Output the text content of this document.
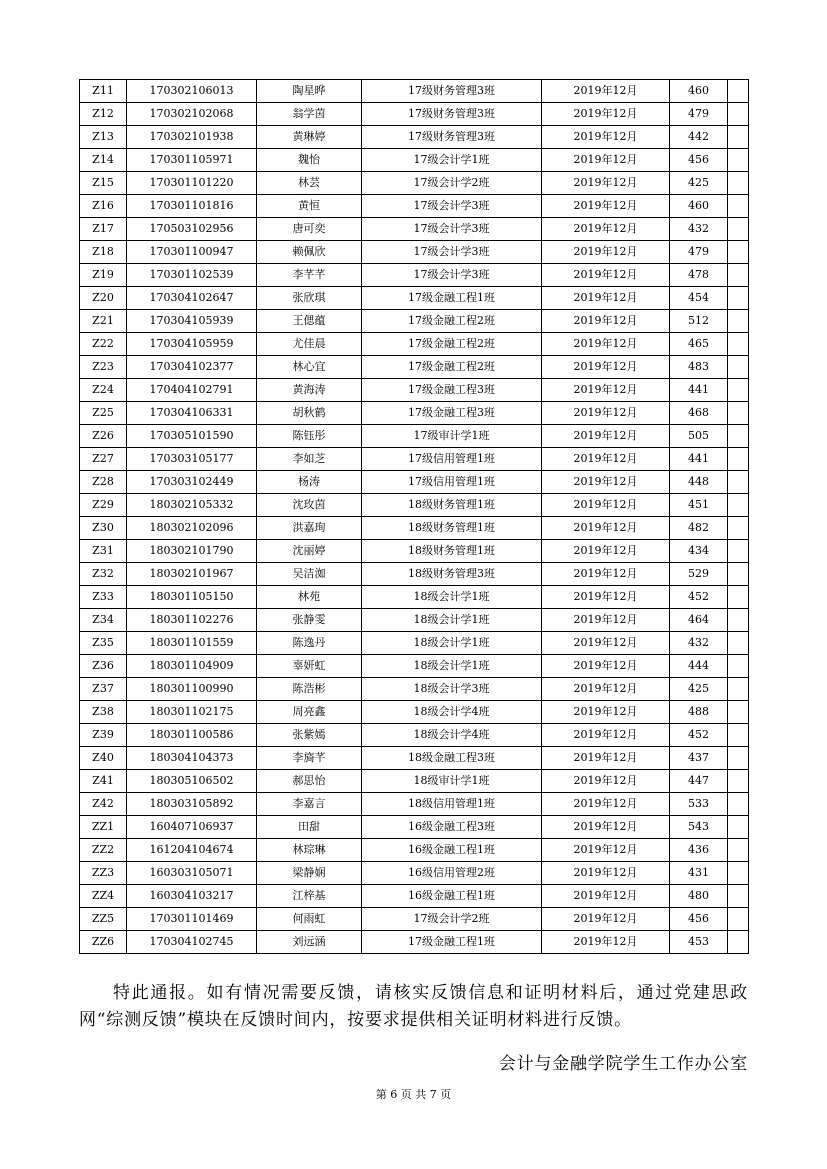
Z11	170302106013	陶星晔	17级财务管理3班	2019年12月	460	
Z12	170302102068	翁学茵	17级财务管理3班	2019年12月	479	
Z13	170302101938	黄琳婷	17级财务管理3班	2019年12月	442	
Z14	170301105971	魏怡	17级会计学1班	2019年12月	456	
Z15	170301101220	林芸	17级会计学2班	2019年12月	425	
Z16	170301101816	黄恒	17级会计学3班	2019年12月	460	
Z17	170503102956	唐可奕	17级会计学3班	2019年12月	432	
Z18	170301100947	赖佩欣	17级会计学3班	2019年12月	479	
Z19	170301102539	李芊芊	17级会计学3班	2019年12月	478	
Z20	170304102647	张欣琪	17级金融工程1班	2019年12月	454	
Z21	170304105939	王偲蕴	17级金融工程2班	2019年12月	512	
Z22	170304105959	尤佳晨	17级金融工程2班	2019年12月	465	
Z23	170304102377	林心宜	17级金融工程2班	2019年12月	483	
Z24	170404102791	黄海涛	17级金融工程3班	2019年12月	441	
Z25	170304106331	胡秋鹤	17级金融工程3班	2019年12月	468	
Z26	170305101590	陈钰彤	17级审计学1班	2019年12月	505	
Z27	170303105177	李如芝	17级信用管理1班	2019年12月	441	
Z28	170303102449	杨涛	17级信用管理1班	2019年12月	448	
Z29	180302105332	沈玫茵	18级财务管理1班	2019年12月	451	
Z30	180302102096	洪嘉珣	18级财务管理1班	2019年12月	482	
Z31	180302101790	沈丽婷	18级财务管理1班	2019年12月	434	
Z32	180302101967	吴洁洳	18级财务管理3班	2019年12月	529	
Z33	180301105150	林苑	18级会计学1班	2019年12月	452	
Z34	180301102276	张静雯	18级会计学1班	2019年12月	464	
Z35	180301101559	陈逸丹	18级会计学1班	2019年12月	432	
Z36	180301104909	辜妍虹	18级会计学1班	2019年12月	444	
Z37	180301100990	陈浩彬	18级会计学3班	2019年12月	425	
Z38	180301102175	周亮鑫	18级会计学4班	2019年12月	488	
Z39	180301100586	张紫嫣	18级会计学4班	2019年12月	452	
Z40	180304104373	李旖芊	18级金融工程3班	2019年12月	437	
Z41	180305106502	郝思怡	18级审计学1班	2019年12月	447	
Z42	180303105892	李嘉言	18级信用管理1班	2019年12月	533	
ZZ1	160407106937	田甜	16级金融工程3班	2019年12月	543	
ZZ2	161204104674	林琮琳	16级金融工程1班	2019年12月	436	
ZZ3	160303105071	梁静娴	16级信用管理2班	2019年12月	431	
ZZ4	160304103217	江梓基	16级金融工程1班	2019年12月	480	
ZZ5	170301101469	何雨虹	17级会计学2班	2019年12月	456	
ZZ6	170304102745	刘远涵	17级金融工程1班	2019年12月	453	

特此通报。如有情况需要反馈，请核实反馈信息和证明材料后，通过党建思政网“综测反馈”模块在反馈时间内，按要求提供相关证明材料进行反馈。

会计与金融学院学生工作办公室

第 6 页 共 7 页
